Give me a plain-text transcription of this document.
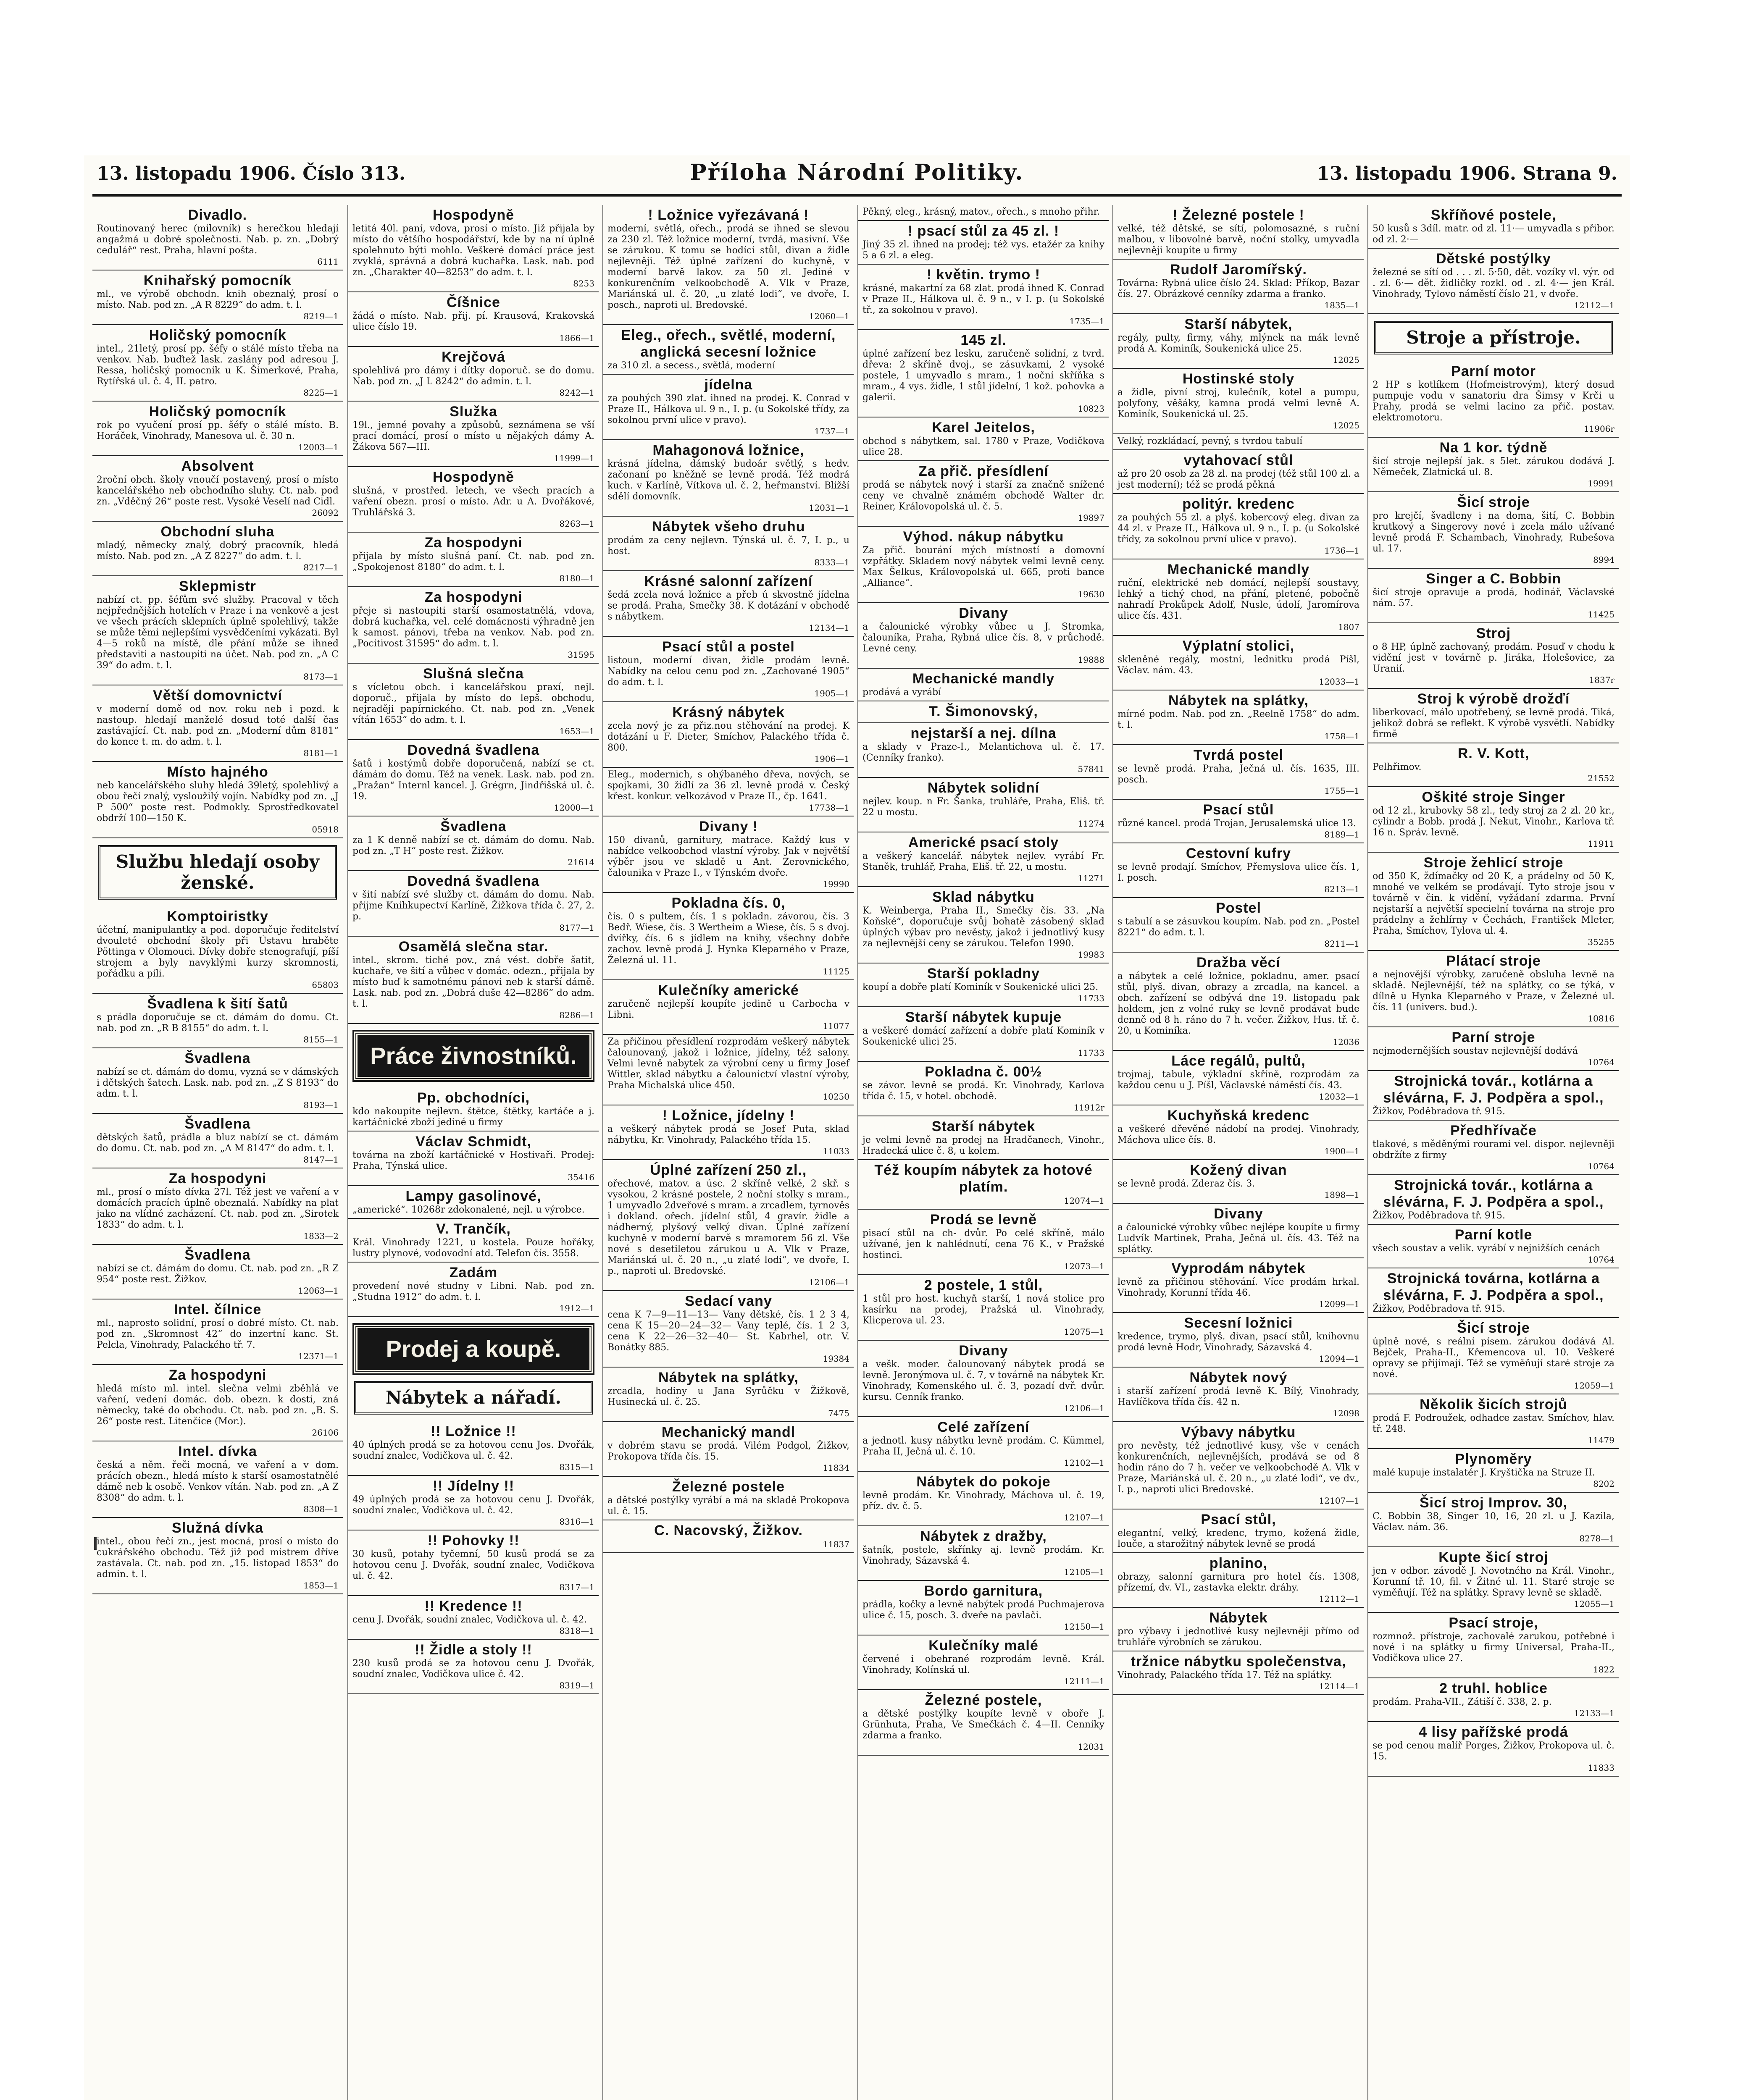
13. listopadu 1906. Číslo 313.	Příloha Národní Politiky.	13. listopadu 1906. Strana 9.
Divadlo.
Routinovaný herec (milovník) s herečkou hledají angažmá u dobré společnosti. Nab. p. zn. „Dobrý cedulář“ rest. Praha, hlavní pošta.
6111
Knihařský pomocník
ml., ve výrobě obchodn. knih obeznalý, prosí o místo. Nab. pod zn. „A R 8229“ do adm. t. l.
8219—1
Holičský pomocník
intel., 21letý, prosí pp. šéfy o stálé místo třeba na venkov. Nab. buďtež lask. zaslány pod adresou J. Ressa, holičský pomocník u K. Šimerkové, Praha, Rytířská ul. č. 4, II. patro.
8225—1
Holičský pomocník
rok po vyučení prosí pp. šéfy o stálé místo. B. Horáček, Vinohrady, Manesova ul. č. 30 n.
12003—1
Absolvent
2roční obch. školy vnoučí postavený, prosí o místo kancelářského neb obchodního sluhy. Ct. nab. pod zn. „Vděčný 26“ poste rest. Vysoké Veselí nad Cidl.
26092
Obchodní sluha
mladý, německy znalý, dobrý pracovník, hledá místo. Nab. pod zn. „A Z 8227“ do adm. t. l.
8217—1
Sklepmistr
nabízí ct. pp. šéfům své služby. Pracoval v těch nejpřednějších hotelích v Praze i na venkově a jest ve všech prácích sklepních úplně spolehlivý, takže se může těmi nejlepšími vysvědčeními vykázati. Byl 4—5 roků na místě, dle přání může se ihned představiti a nastoupiti na účet. Nab. pod zn. „A C 39“ do adm. t. l.
8173—1
Větší domovnictví
v moderní domě od nov. roku neb i pozd. k nastoup. hledají manželé dosud toté další čas zastávající. Ct. nab. pod zn. „Moderní dům 8181“ do konce t. m. do adm. t. l.
8181—1
Místo hajného
neb kancelářského sluhy hledá 39letý, spolehlivý a obou řečí znalý, vysloužilý vojín. Nabídky pod zn. „J P 500“ poste rest. Podmokly. Sprostředkovatel obdrží 100—150 K.
05918
Službu hledají osoby ženské.
Komptoiristky
účetní, manipulantky a pod. doporučuje ředitelství dvouleté obchodní školy při Ústavu hraběte Pöttinga v Olomouci. Dívky dobře stenografují, píší strojem a byly navyklými kurzy skromnosti, pořádku a píli.
65803
Švadlena k šití šatů
s prádla doporučuje se ct. dámám do domu. Ct. nab. pod zn. „R B 8155“ do adm. t. l.
8155—1
Švadlena
nabízí se ct. dámám do domu, vyzná se v dámských i dětských šatech. Lask. nab. pod zn. „Z S 8193“ do adm. t. l.
8193—1
Švadlena
dětských šatů, prádla a bluz nabízí se ct. dámám do domu. Ct. nab. pod zn. „A M 8147“ do adm. t. l.
8147—1
Za hospodyni
ml., prosí o místo dívka 27l. Též jest ve vaření a v domácích pracích úplně obeznalá. Nabídky na plat jako na vlídné zacházení. Ct. nab. pod zn. „Sirotek 1833“ do adm. t. l.
1833—2
Švadlena
nabízí se ct. dámám do domu. Ct. nab. pod zn. „R Z 954“ poste rest. Žižkov.
12063—1
Intel. čílnice
ml., naprosto solidní, prosí o dobré místo. Ct. nab. pod zn. „Skromnost 42“ do inzertní kanc. St. Pelcla, Vinohrady, Palackého tř. 7.
12371—1
Za hospodyni
hledá místo ml. intel. slečna velmi zběhlá ve vaření, vedení domác. dob. obezn. k dosti, zná německy, také do obchodu. Ct. nab. pod zn. „B. S. 26“ poste rest. Litenčice (Mor.).
26106
Intel. dívka
česká a něm. řeči mocná, ve vaření a v dom. prácích obezn., hledá místo k starší osamostatnělé dámě neb k osobě. Venkov vítán. Nab. pod zn. „A Z 8308“ do adm. t. l.
8308—1
Služná dívka
intel., obou řečí zn., jest mocná, prosí o místo do cukrářského obchodu. Též již pod mistrem dříve zastávala. Ct. nab. pod zn. „15. listopad 1853“ do admin. t. l.
1853—1
Hospodyně
letitá 40l. paní, vdova, prosí o místo. Již přijala by místo do většího hospodářství, kde by na ní úplně spolehnuto býti mohlo. Veškeré domácí práce jest zvyklá, správná a dobrá kuchařka. Lask. nab. pod zn. „Charakter 40—8253“ do adm. t. l.
8253
Číšnice
žádá o místo. Nab. přij. pí. Krausová, Krakovská ulice číslo 19.
1866—1
Krejčová
spolehlivá pro dámy i dítky doporuč. se do domu. Nab. pod zn. „J L 8242“ do admin. t. l.
8242—1
Služka
19l., jemné povahy a způsobů, seznámena se vší prací domácí, prosí o místo u nějakých dámy A. Žákova 567—III.
11999—1
Hospodyně
slušná, v prostřed. letech, ve všech pracích a vaření obezn. prosí o místo. Adr. u A. Dvořákové, Truhlářská 3.
8263—1
Za hospodyni
přijala by místo slušná paní. Ct. nab. pod zn. „Spokojenost 8180“ do adm. t. l.
8180—1
Za hospodyni
přeje si nastoupiti starší osamostatnělá, vdova, dobrá kuchařka, vel. celé domácnosti výhradně jen k samost. pánovi, třeba na venkov. Nab. pod zn. „Pocitivost 31595“ do adm. t. l.
31595
Slušná slečna
s vícletou obch. i kancelářskou praxí, nejl. doporuč., přijala by místo do lepš. obchodu, nejraději papírnického. Ct. nab. pod zn. „Venek vítán 1653“ do adm. t. l.
1653—1
Dovedná švadlena
šatů i kostýmů dobře doporučená, nabízí se ct. dámám do domu. Též na venek. Lask. nab. pod zn. „Pražan“ Internl kancel. J. Grégrn, Jindřišská ul. č. 19.
12000—1
Švadlena
za 1 K denně nabízí se ct. dámám do domu. Nab. pod zn. „T H“ poste rest. Žižkov.
21614
Dovedná švadlena
v šití nabízí své služby ct. dámám do domu. Nab. přijme Knihkupectví Karlíně, Žižkova třída č. 27, 2. p.
8177—1
Osamělá slečna star.
intel., skrom. tiché pov., zná vést. dobře šatit, kuchaře, ve šití a vůbec v domác. odezn., přijala by místo buď k samotnému pánovi neb k starší dámě. Lask. nab. pod zn. „Dobrá duše 42—8286“ do adm. t. l.
8286—1
Práce živnostníků.
Pp. obchodníci,
kdo nakoupíte nejlevn. štětce, štětky, kartáče a j. kartáčnické zboží jediné u firmy
Václav Schmidt,
továrna na zboží kartáčnické v Hostivaři. Prodej: Praha, Týnská ulice.
35416
Lampy gasolinové,
„americké“. 10268r zdokonalené, nejl. u výrobce.
V. Trančík,
Král. Vinohrady 1221, u kostela. Pouze hořáky, lustry plynové, vodovodní atd. Telefon čís. 3558.
Zadám
provedení nové studny v Libni. Nab. pod zn. „Studna 1912“ do adm. t. l.
1912—1
Prodej a koupě.
Nábytek a nářadí.
!! Ložnice !!
40 úplných prodá se za hotovou cenu Jos. Dvořák, soudní znalec, Vodičkova ul. č. 42.
8315—1
!! Jídelny !!
49 úplných prodá se za hotovou cenu J. Dvořák, soudní znalec, Vodičkova ul. č. 42.
8316—1
!! Pohovky !!
30 kusů, potahy tyčemní, 50 kusů prodá se za hotovou cenu J. Dvořák, soudní znalec, Vodičkova ul. č. 42.
8317—1
!! Kredence !!
cenu J. Dvořák, soudní znalec, Vodičkova ul. č. 42.
8318—1
!! Židle a stoly !!
230 kusů prodá se za hotovou cenu J. Dvořák, soudní znalec, Vodičkova ulice č. 42.
8319—1
! Ložnice vyřezávaná !
moderní, světlá, ořech., prodá se ihned se slevou za 230 zl. Též ložnice moderní, tvrdá, masivní. Vše se zárukou. K tomu se hodící stůl, divan a židle nejlevněji. Též úplné zařízení do kuchyně, v moderní barvě lakov. za 50 zl. Jediné v konkurenčním velkoobchodě A. Vlk v Praze, Mariánská ul. č. 20, „u zlaté lodi“, ve dvoře, I. posch., naproti ul. Bredovské.
12060—1
Eleg., ořech., světlé, moderní, anglická secesní ložnice
za 310 zl. a secess., světlá, moderní
jídelna
za pouhých 390 zlat. ihned na prodej. K. Conrad v Praze II., Hálkova ul. 9 n., I. p. (u Sokolské třídy, za sokolnou první ulice v pravo).
1737—1
Mahagonová ložnice,
krásná jídelna, dámský budoár světlý, s hedv. začonaní po kněžně se levně prodá. Též modrá kuch. v Karlíně, Vítkova ul. č. 2, heřmanství. Bližší sdělí domovník.
12031—1
Nábytek všeho druhu
prodám za ceny nejlevn. Týnská ul. č. 7, I. p., u host.
8333—1
Krásné salonní zařízení
šedá zcela nová ložnice a přeb ú skvostně jídelna se prodá. Praha, Smečky 38. K dotázání v obchodě s nábytkem.
12134—1
Psací stůl a postel
listoun, moderní divan, židle prodám levně. Nabídky na celou cenu pod zn. „Zachované 1905“ do adm. t. l.
1905—1
Krásný nábytek
zcela nový je za přiz.nou stěhování na prodej. K dotázání u F. Dieter, Smíchov, Palackého třída č. 800.
1906—1
Eleg., modernich, s ohýbaného dřeva, nových, se spojkami, 30 židlí za 36 zl. levně prodá v. Český křest. konkur. velkozávod v Praze II., čp. 1641.
17738—1
Divany !
150 divanů, garnitury, matrace. Každý kus v nabídce velkoobchod vlastní výroby. Jak v největší výběr jsou ve skladě u Ant. Zerovnického, čalounika v Praze I., v Týnském dvoře.
19990
Pokladna čís. 0,
čís. 0 s pultem, čís. 1 s pokladn. závorou, čís. 3 Bedř. Wiese, čís. 3 Wertheim a Wiese, čís. 5 s dvoj. dvířky, čís. 6 s jídlem na knihy, všechny dobře zachov. levně prodá J. Hynka Kleparného v Praze, Železná ul. 11.
11125
Kulečníky americké
zaručeně nejlepší koupíte jedině u Carbocha v Libni.
11077
Za přičinou přesídlení rozprodám veškerý nábytek čalounovaný, jakož i ložnice, jídelny, též salony. Velmi levně nabytek za výrobní ceny u firmy Josef Wittler, sklad nábytku a čalounictví vlastní výroby, Praha Michalská ulice 450.
10250
! Ložnice, jídelny !
a veškerý nábytek prodá se Josef Puta, sklad nábytku, Kr. Vinohrady, Palackého třída 15.
11033
Úplné zařízení 250 zl.,
ořechové, matov. a úsc. 2 skříně velké, 2 skř. s vysokou, 2 krásné postele, 2 noční stolky s mram., 1 umyvadlo 2dveřové s mram. a zrcadlem, tyrnověs i dokland. ořech. jídelní stůl, 4 gravír. židle a nádherný, plyšový velký divan. Úplné zařízení kuchyně v moderní barvě s mramorem 56 zl. Vše nové s desetiletou zárukou u A. Vlk v Praze, Mariánská ul. č. 20 n., „u zlaté lodi“, ve dvoře, I. p., naproti ul. Bredovské.
12106—1
Sedací vany
cena K 7—9—11—13— Vany dětské, čís. 1 2 3 4, cena K 15—20—24—32— Vany teplé, čís. 1 2 3, cena K 22—26—32—40— St. Kabrhel, otr. V. Bonátky 885.
19384
Nábytek na splátky,
zrcadla, hodiny u Jana Syrůčku v Žižkově, Husinecká ul. č. 25.
7475
Mechanický mandl
v dobrém stavu se prodá. Vilém Podgol, Žižkov, Prokopova třída čís. 15.
11834
Železné postele
a dětské postýlky vyrábí a má na skladě Prokopova ul. č. 15.
C. Nacovský, Žižkov.
11837
Pěkný, eleg., krásný, matov., ořech., s mnoho přihr.
! psací stůl za 45 zl. !
Jiný 35 zl. ihned na prodej; též vys. etažér za knihy 5 a 6 zl. a eleg.
! květin. trymo !
krásné, makartní za 68 zlat. prodá ihned K. Conrad v Praze II., Hálkova ul. č. 9 n., v I. p. (u Sokolské tř., za sokolnou v pravo).
1735—1
145 zl.
úplné zařízení bez lesku, zaručeně solidní, z tvrd. dřeva: 2 skříně dvoj., se zásuvkami, 2 vysoké postele, 1 umyvadlo s mram., 1 noční skříňka s mram., 4 vys. židle, 1 stůl jídelní, 1 kož. pohovka a galerií.
10823
Karel Jeitelos,
obchod s nábytkem, sal. 1780 v Praze, Vodičkova ulice 28.
Za přič. přesídlení
prodá se nábytek nový i starší za značně snížené ceny ve chvalně známém obchodě Walter dr. Reiner, Královopolská ul. č. 5.
19897
Výhod. nákup nábytku
Za přič. bourání mých místností a domovní vzpřátky. Skladem nový nábytek velmi levně ceny. Max Šelkus, Královopolská ul. 665, proti bance „Alliance“.
19630
Divany
a čalounické výrobky vůbec u J. Stromka, čalouníka, Praha, Rybná ulice čís. 8, v průchodě. Levné ceny.
19888
Mechanické mandly
prodává a vyrábí
T. Šimonovský,
nejstarší a nej. dílna
a sklady v Praze-I., Melantichova ul. č. 17. (Cenníky franko).
57841
Nábytek solidní
nejlev. koup. n Fr. Šanka, truhláře, Praha, Eliš. tř. 22 u mostu.
11274
Americké psací stoly
a veškerý kancelář. nábytek nejlev. vyrábí Fr. Staněk, truhlář, Praha, Eliš. tř. 22, u mostu.
11271
Sklad nábytku
K. Weinberga, Praha II., Smečky čís. 33. „Na Koňské“, doporučuje svůj bohatě zásobený sklad úplných výbav pro nevěsty, jakož i jednotlivý kusy za nejlevnější ceny se zárukou. Telefon 1990.
19983
Starší pokladny
koupí a dobře platí Kominík v Soukenické ulici 25.
11733
Starší nábytek kupuje
a veškeré domácí zařízení a dobře platí Kominík v Soukenické ulici 25.
11733
Pokladna č. 00½
se závor. levně se prodá. Kr. Vinohrady, Karlova třída č. 15, v hotel. obchodě.
11912r
Starší nábytek
je velmi levně na prodej na Hradčanech, Vinohr., Hradecká ulice č. 8, u kolem.
Též koupím nábytek za hotové platím.
12074—1
Prodá se levně
pisací stůl na ch- dvůr. Po celé skříně, málo užívané, jen k nahlédnutí, cena 76 K., v Pražské hostinci.
12073—1
2 postele, 1 stůl,
1 stůl pro host. kuchyň starší, 1 nová stolice pro kasírku na prodej, Pražská ul. Vinohrady, Klicperova ul. 23.
12075—1
Divany
a vešk. moder. čalounovaný nábytek prodá se levně. Jeronýmova ul. č. 7, v továrně na nábytek Kr. Vinohrady, Komenského ul. č. 3, pozadí dvř. dvůr. kursu. Cenník franko.
12106—1
Celé zařízení
a jednotl. kusy nábytku levně prodám. C. Kümmel, Praha II, Ječná ul. č. 10.
12102—1
Nábytek do pokoje
levně prodám. Kr. Vinohrady, Máchova ul. č. 19, příz. dv. č. 5.
12107—1
Nábytek z dražby,
šatník, postele, skřínky aj. levně prodám. Kr. Vinohrady, Sázavská 4.
12105—1
Bordo garnitura,
prádla, kočky a levně nabýtek prodá Puchmajerova ulice č. 15, posch. 3. dveře na pavlači.
12150—1
Kulečníky malé
červené i obehrané rozprodám levně. Král. Vinohrady, Kolínská ul.
12111—1
Železné postele,
a dětské postýlky koupíte levně v oboře J. Grünhuta, Praha, Ve Smečkách č. 4—II. Cenníky zdarma a franko.
12031
! Železné postele !
velké, též dětské, se sítí, polomosazné, s ruční malbou, v libovolné barvě, noční stolky, umyvadla nejlevněji koupíte u firmy
Rudolf Jaromířský.
Továrna: Rybná ulice číslo 24. Sklad: Příkop, Bazar čís. 27. Obrázkové cenníky zdarma a franko.
1835—1
Starší nábytek,
regály, pulty, firmy, váhy, mlýnek na mák levně prodá A. Kominík, Soukenická ulice 25.
12025
Hostinské stoly
a židle, pivní stroj, kulečník, kotel a pumpu, polyfony, věšáky, kamna prodá velmi levně A. Kominík, Soukenická ul. 25.
12025
Velký, rozkládací, pevný, s tvrdou tabulí
vytahovací stůl
až pro 20 osob za 28 zl. na prodej (též stůl 100 zl. a jest moderní); též se prodá pěkná
politýr. kredenc
za pouhých 55 zl. a plyš. kobercový eleg. divan za 44 zl. v Praze II., Hálkova ul. 9 n., I. p. (u Sokolské třídy, za sokolnou první ulice v pravo).
1736—1
Mechanické mandly
ruční, elektrické neb domácí, nejlepší soustavy, lehký a tichý chod, na přání, pletené, pobočně nahradí Prokůpek Adolf, Nusle, údolí, Jaromírova ulice čís. 431.
1807
Výplatní stolici,
skleněné regály, mostní, lednitku prodá Píšl, Václav. nám. 43.
12033—1
Nábytek na splátky,
mírné podm. Nab. pod zn. „Reelně 1758“ do adm. t. l.
1758—1
Tvrdá postel
se levně prodá. Praha, Ječná ul. čís. 1635, III. posch.
1755—1
Psací stůl
různé kancel. prodá Trojan, Jerusalemská ulice 13.
8189—1
Cestovní kufry
se levně prodají. Smíchov, Přemyslova ulice čís. 1, I. posch.
8213—1
Postel
s tabulí a se zásuvkou koupím. Nab. pod zn. „Postel 8221“ do adm. t. l.
8211—1
Dražba věcí
a nábytek a celé ložnice, pokladnu, amer. psací stůl, plyš. divan, obrazy a zrcadla, na kancel. a obch. zařízení se odbývá dne 19. listopadu pak holdem, jen z volné ruky se levně prodávat bude denně od 8 h. ráno do 7 h. večer. Žižkov, Hus. tř. č. 20, u Kominíka.
12036
Láce regálů, pultů,
trojmaj, tabule, výkladní skříně, rozprodám za každou cenu u J. Píšl, Václavské náměstí čís. 43.
12032—1
Kuchyňská kredenc
a veškeré dřevěné nádobí na prodej. Vinohrady, Máchova ulice čís. 8.
1900—1
Kožený divan
se levně prodá. Zderaz čís. 3.
1898—1
Divany
a čalounické výrobky vůbec nejlépe koupíte u firmy Ludvík Martinek, Praha, Ječná ul. čís. 43. Též na splátky.
Vyprodám nábytek
levně za přičinou stěhování. Více prodám hrkal. Vinohrady, Korunní třída 46.
12099—1
Secesní ložnici
kredence, trymo, plyš. divan, psací stůl, knihovnu prodá levně Hodr, Vinohrady, Sázavská 4.
12094—1
Nábytek nový
i starší zařízení prodá levně K. Bílý, Vinohrady, Havlíčkova třída čís. 42 n.
12098
Výbavy nábytku
pro nevěsty, též jednotlivé kusy, vše v cenách konkurenčních, nejlevnějších, prodává se od 8 hodin ráno do 7 h. večer ve velkoobchodě A. Vlk v Praze, Mariánská ul. č. 20 n., „u zlaté lodi“, ve dv., I. p., naproti ulici Bredovské.
12107—1
Psací stůl,
elegantní, velký, kredenc, trymo, kožená židle, louče, a starožitný nábytek levně se prodá
planino,
obrazy, salonní garnitura pro hotel čís. 1308, přízemí, dv. VI., zastavka elektr. dráhy.
12112—1
Nábytek
pro výbavy i jednotlivé kusy nejlevněji přímo od truhláře výrobních se zárukou.
tržnice nábytku společenstva,
Vinohrady, Palackého třída 17. Též na splátky.
12114—1
Skříňové postele,
50 kusů s 3díl. matr. od zl. 11·— umyvadla s přibor. od zl. 2·—
Dětské postýlky
železné se sítí od . . . zl. 5·50, dět. vozíky vl. výr. od . zl. 6·— dět. židličky rozkl. od . zl. 4·— jen Král. Vinohrady, Tylovo náměstí číslo 21, v dvoře.
12112—1
Stroje a přístroje.
Parní motor
2 HP s kotlíkem (Hofmeistrovým), který dosud pumpuje vodu v sanatoriu dra Šimsy v Krči u Prahy, prodá se velmi lacino za přič. postav. elektromotoru.
11906r
Na 1 kor. týdně
šicí stroje nejlepší jak. s 5let. zárukou dodává J. Němeček, Zlatnická ul. 8.
19991
Šicí stroje
pro krejčí, švadleny i na doma, šití, C. Bobbin krutkový a Singerovy nové i zcela málo užívané levně prodá F. Schambach, Vinohrady, Rubešova ul. 17.
8994
Singer a C. Bobbin
šicí stroje opravuje a prodá, hodinář, Václavské nám. 57.
11425
Stroj
o 8 HP, úplně zachovaný, prodám. Posuď v chodu k vidění jest v továrně p. Jiráka, Holešovice, za Uranií.
1837r
Stroj k výrobě drožďí
liberkovací, málo upotřebený, se levně prodá. Tiká, jelikož dobrá se reflekt. K výrobě vysvětlí. Nabídky firmě
R. V. Kott,
Pelhřimov.
21552
Oškité stroje Singer
od 12 zl., krubovky 58 zl., tedy stroj za 2 zl. 20 kr., cylindr a Bobb. prodá J. Nekut, Vinohr., Karlova tř. 16 n. Správ. levně.
11911
Stroje žehlicí stroje
od 350 K, ždímačky od 20 K, a prádelny od 50 K, mnohé ve velkém se prodávají. Tyto stroje jsou v továrně v čin. k vidění, vyžádaní zdarma. První nejstarší a největší specielní továrna na stroje pro prádelny a žehlírny v Čechách, František Mleter, Praha, Smíchov, Tylova ul. 4.
35255
Plátací stroje
a nejnovější výrobky, zaručeně obsluha levně na skladě. Nejlevnější, též na splátky, co se týká, v dílně u Hynka Kleparného v Praze, v Železné ul. čís. 11 (univers. bud.).
10816
Parní stroje
nejmodernějších soustav nejlevnější dodává
10764
Strojnická továr., kotlárna a slévárna, F. J. Podpěra a spol.,
Žižkov, Poděbradova tř. 915.
Předhřívače
tlakové, s měděnými rourami vel. dispor. nejlevněji obdržíte z firmy
10764
Strojnická továr., kotlárna a slévárna, F. J. Podpěra a spol.,
Žižkov, Poděbradova tř. 915.
Parní kotle
všech soustav a velik. vyrábí v nejnižších cenách
10764
Strojnická továrna, kotlárna a slévárna, F. J. Podpěra a spol.,
Žižkov, Poděbradova tř. 915.
Šicí stroje
úplně nové, s reální písem. zárukou dodává Al. Bejček, Praha-II., Křemencova ul. 10. Veškeré opravy se přijímají. Též se vyměňují staré stroje za nové.
12059—1
Několik šicích strojů
prodá F. Podroužek, odhadce zastav. Smíchov, hlav. tř. 248.
11479
Plynoměry
malé kupuje instalatér J. Kryštička na Struze II.
8202
Šicí stroj Improv. 30,
C. Bobbin 38, Singer 10, 16, 20 zl. u J. Kazila, Václav. nám. 36.
8278—1
Kupte šicí stroj
jen v odbor. závodě J. Novotného na Král. Vinohr., Korunní tř. 10, fil. v Žitné ul. 11. Staré stroje se vyměňují. Též na splátky. Spravy levně se skladě.
12055—1
Psací stroje,
rozmnož. přístroje, zachovalé zarukou, potřebné i nové i na splátky u firmy Universal, Praha-II., Vodičkova ulice 27.
1822
2 truhl. hoblice
prodám. Praha-VII., Zátiší č. 338, 2. p.
12133—1
4 lisy pařížské prodá
se pod cenou malíř Porges, Žižkov, Prokopova ul. č. 15.
11833
